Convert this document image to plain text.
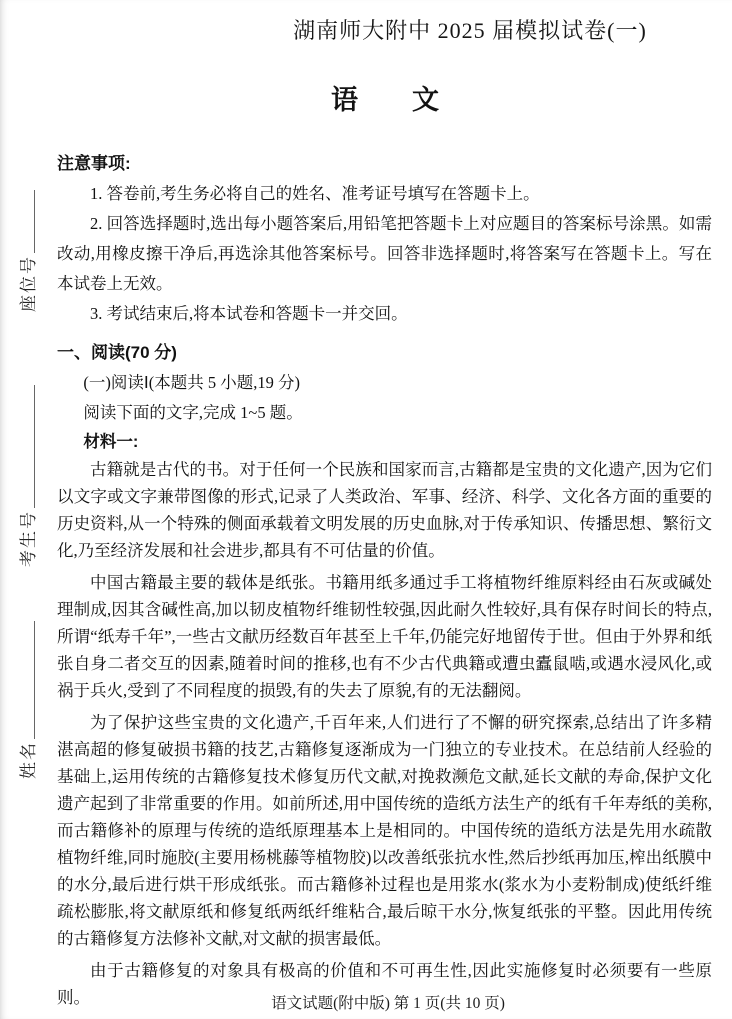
座位号
考生号
姓名
湖南师大附中 2025 届模拟试卷(一)
语　　文
注意事项:

1. 答卷前,考生务必将自己的姓名、准考证号填写在答题卡上。

2. 回答选择题时,选出每小题答案后,用铅笔把答题卡上对应题目的答案标号涂黑。如需改动,用橡皮擦干净后,再选涂其他答案标号。回答非选择题时,将答案写在答题卡上。写在本试卷上无效。

3. 考试结束后,将本试卷和答题卡一并交回。

一、阅读(70 分)
(一)阅读Ⅰ(本题共 5 小题,19 分)
阅读下面的文字,完成 1~5 题。
材料一:

古籍就是古代的书。对于任何一个民族和国家而言,古籍都是宝贵的文化遗产,因为它们以文字或文字兼带图像的形式,记录了人类政治、军事、经济、科学、文化各方面的重要的历史资料,从一个特殊的侧面承载着文明发展的历史血脉,对于传承知识、传播思想、繁衍文化,乃至经济发展和社会进步,都具有不可估量的价值。

中国古籍最主要的载体是纸张。书籍用纸多通过手工将植物纤维原料经由石灰或碱处理制成,因其含碱性高,加以韧皮植物纤维韧性较强,因此耐久性较好,具有保存时间长的特点,所谓“纸寿千年”,一些古文献历经数百年甚至上千年,仍能完好地留传于世。但由于外界和纸张自身二者交互的因素,随着时间的推移,也有不少古代典籍或遭虫蠹鼠啮,或遇水浸风化,或祸于兵火,受到了不同程度的损毁,有的失去了原貌,有的无法翻阅。

为了保护这些宝贵的文化遗产,千百年来,人们进行了不懈的研究探索,总结出了许多精湛高超的修复破损书籍的技艺,古籍修复逐渐成为一门独立的专业技术。在总结前人经验的基础上,运用传统的古籍修复技术修复历代文献,对挽救濒危文献,延长文献的寿命,保护文化遗产起到了非常重要的作用。如前所述,用中国传统的造纸方法生产的纸有千年寿纸的美称,而古籍修补的原理与传统的造纸原理基本上是相同的。中国传统的造纸方法是先用水疏散植物纤维,同时施胶(主要用杨桃藤等植物胶)以改善纸张抗水性,然后抄纸再加压,榨出纸膜中的水分,最后进行烘干形成纸张。而古籍修补过程也是用浆水(浆水为小麦粉制成)使纸纤维疏松膨胀,将文献原纸和修复纸两纸纤维粘合,最后晾干水分,恢复纸张的平整。因此用传统的古籍修复方法修补文献,对文献的损害最低。

由于古籍修复的对象具有极高的价值和不可再生性,因此实施修复时必须要有一些原则。	语文试题(附中版) 第 1 页(共 10 页)
